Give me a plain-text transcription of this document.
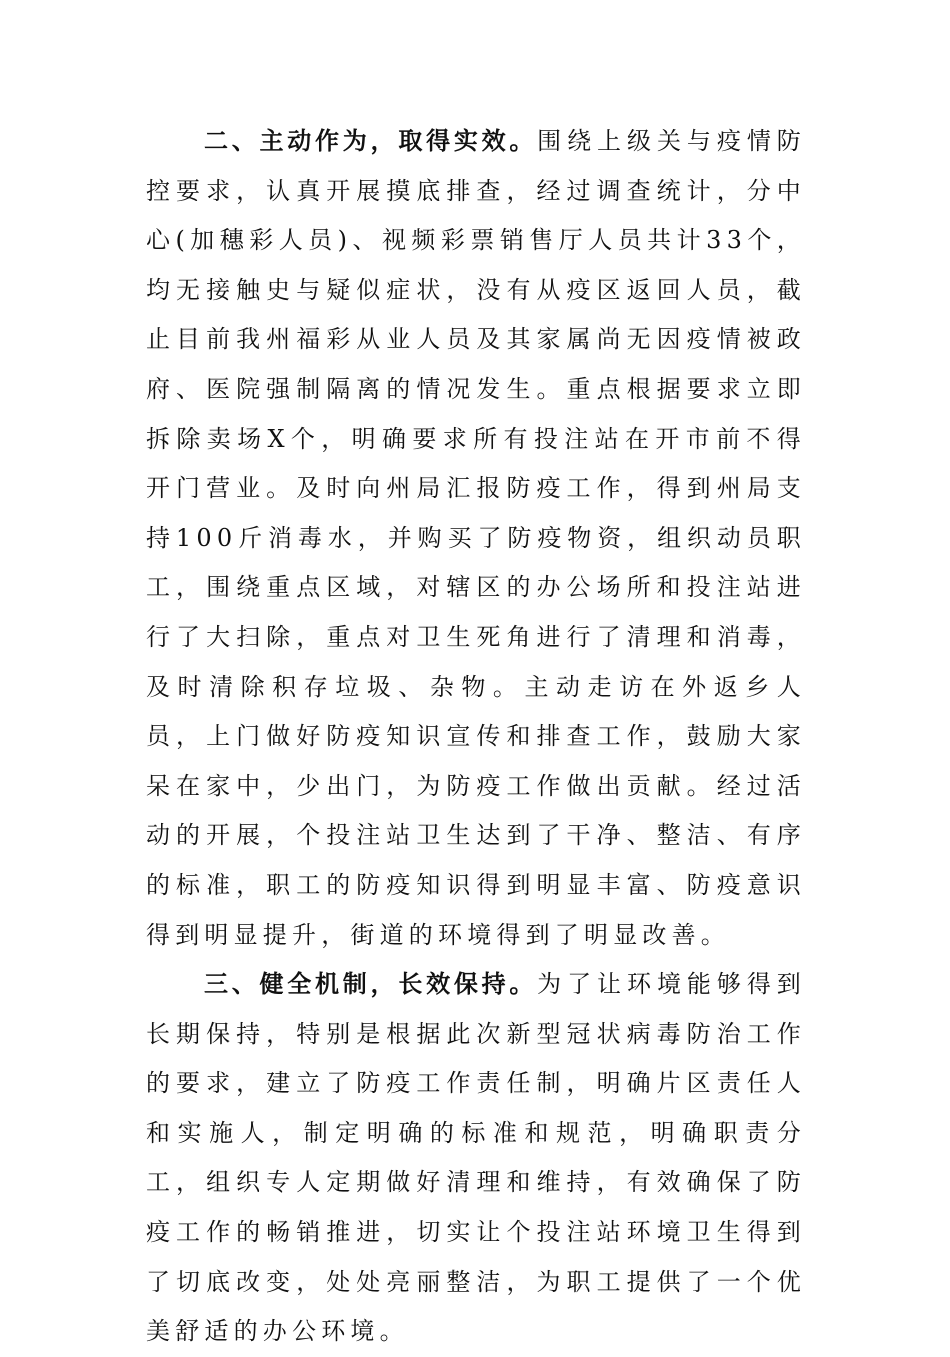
二、主动作为，取得实效。围绕上级关与疫情防控要求，认真开展摸底排查，经过调查统计，分中心(加穗彩人员)、视频彩票销售厅人员共计33个，均无接触史与疑似症状，没有从疫区返回人员，截止目前我州福彩从业人员及其家属尚无因疫情被政府、医院强制隔离的情况发生。重点根据要求立即拆除卖场X个，明确要求所有投注站在开市前不得开门营业。及时向州局汇报防疫工作，得到州局支持100斤消毒水，并购买了防疫物资，组织动员职工，围绕重点区域，对辖区的办公场所和投注站进行了大扫除，重点对卫生死角进行了清理和消毒，及时清除积存垃圾、杂物。主动走访在外返乡人员，上门做好防疫知识宣传和排查工作，鼓励大家呆在家中，少出门，为防疫工作做出贡献。经过活动的开展，个投注站卫生达到了干净、整洁、有序的标准，职工的防疫知识得到明显丰富、防疫意识得到明显提升，街道的环境得到了明显改善。

三、健全机制，长效保持。为了让环境能够得到长期保持，特别是根据此次新型冠状病毒防治工作的要求，建立了防疫工作责任制，明确片区责任人和实施人，制定明确的标准和规范，明确职责分工，组织专人定期做好清理和维持，有效确保了防疫工作的畅销推进，切实让个投注站环境卫生得到了切底改变，处处亮丽整洁，为职工提供了一个优美舒适的办公环境。
